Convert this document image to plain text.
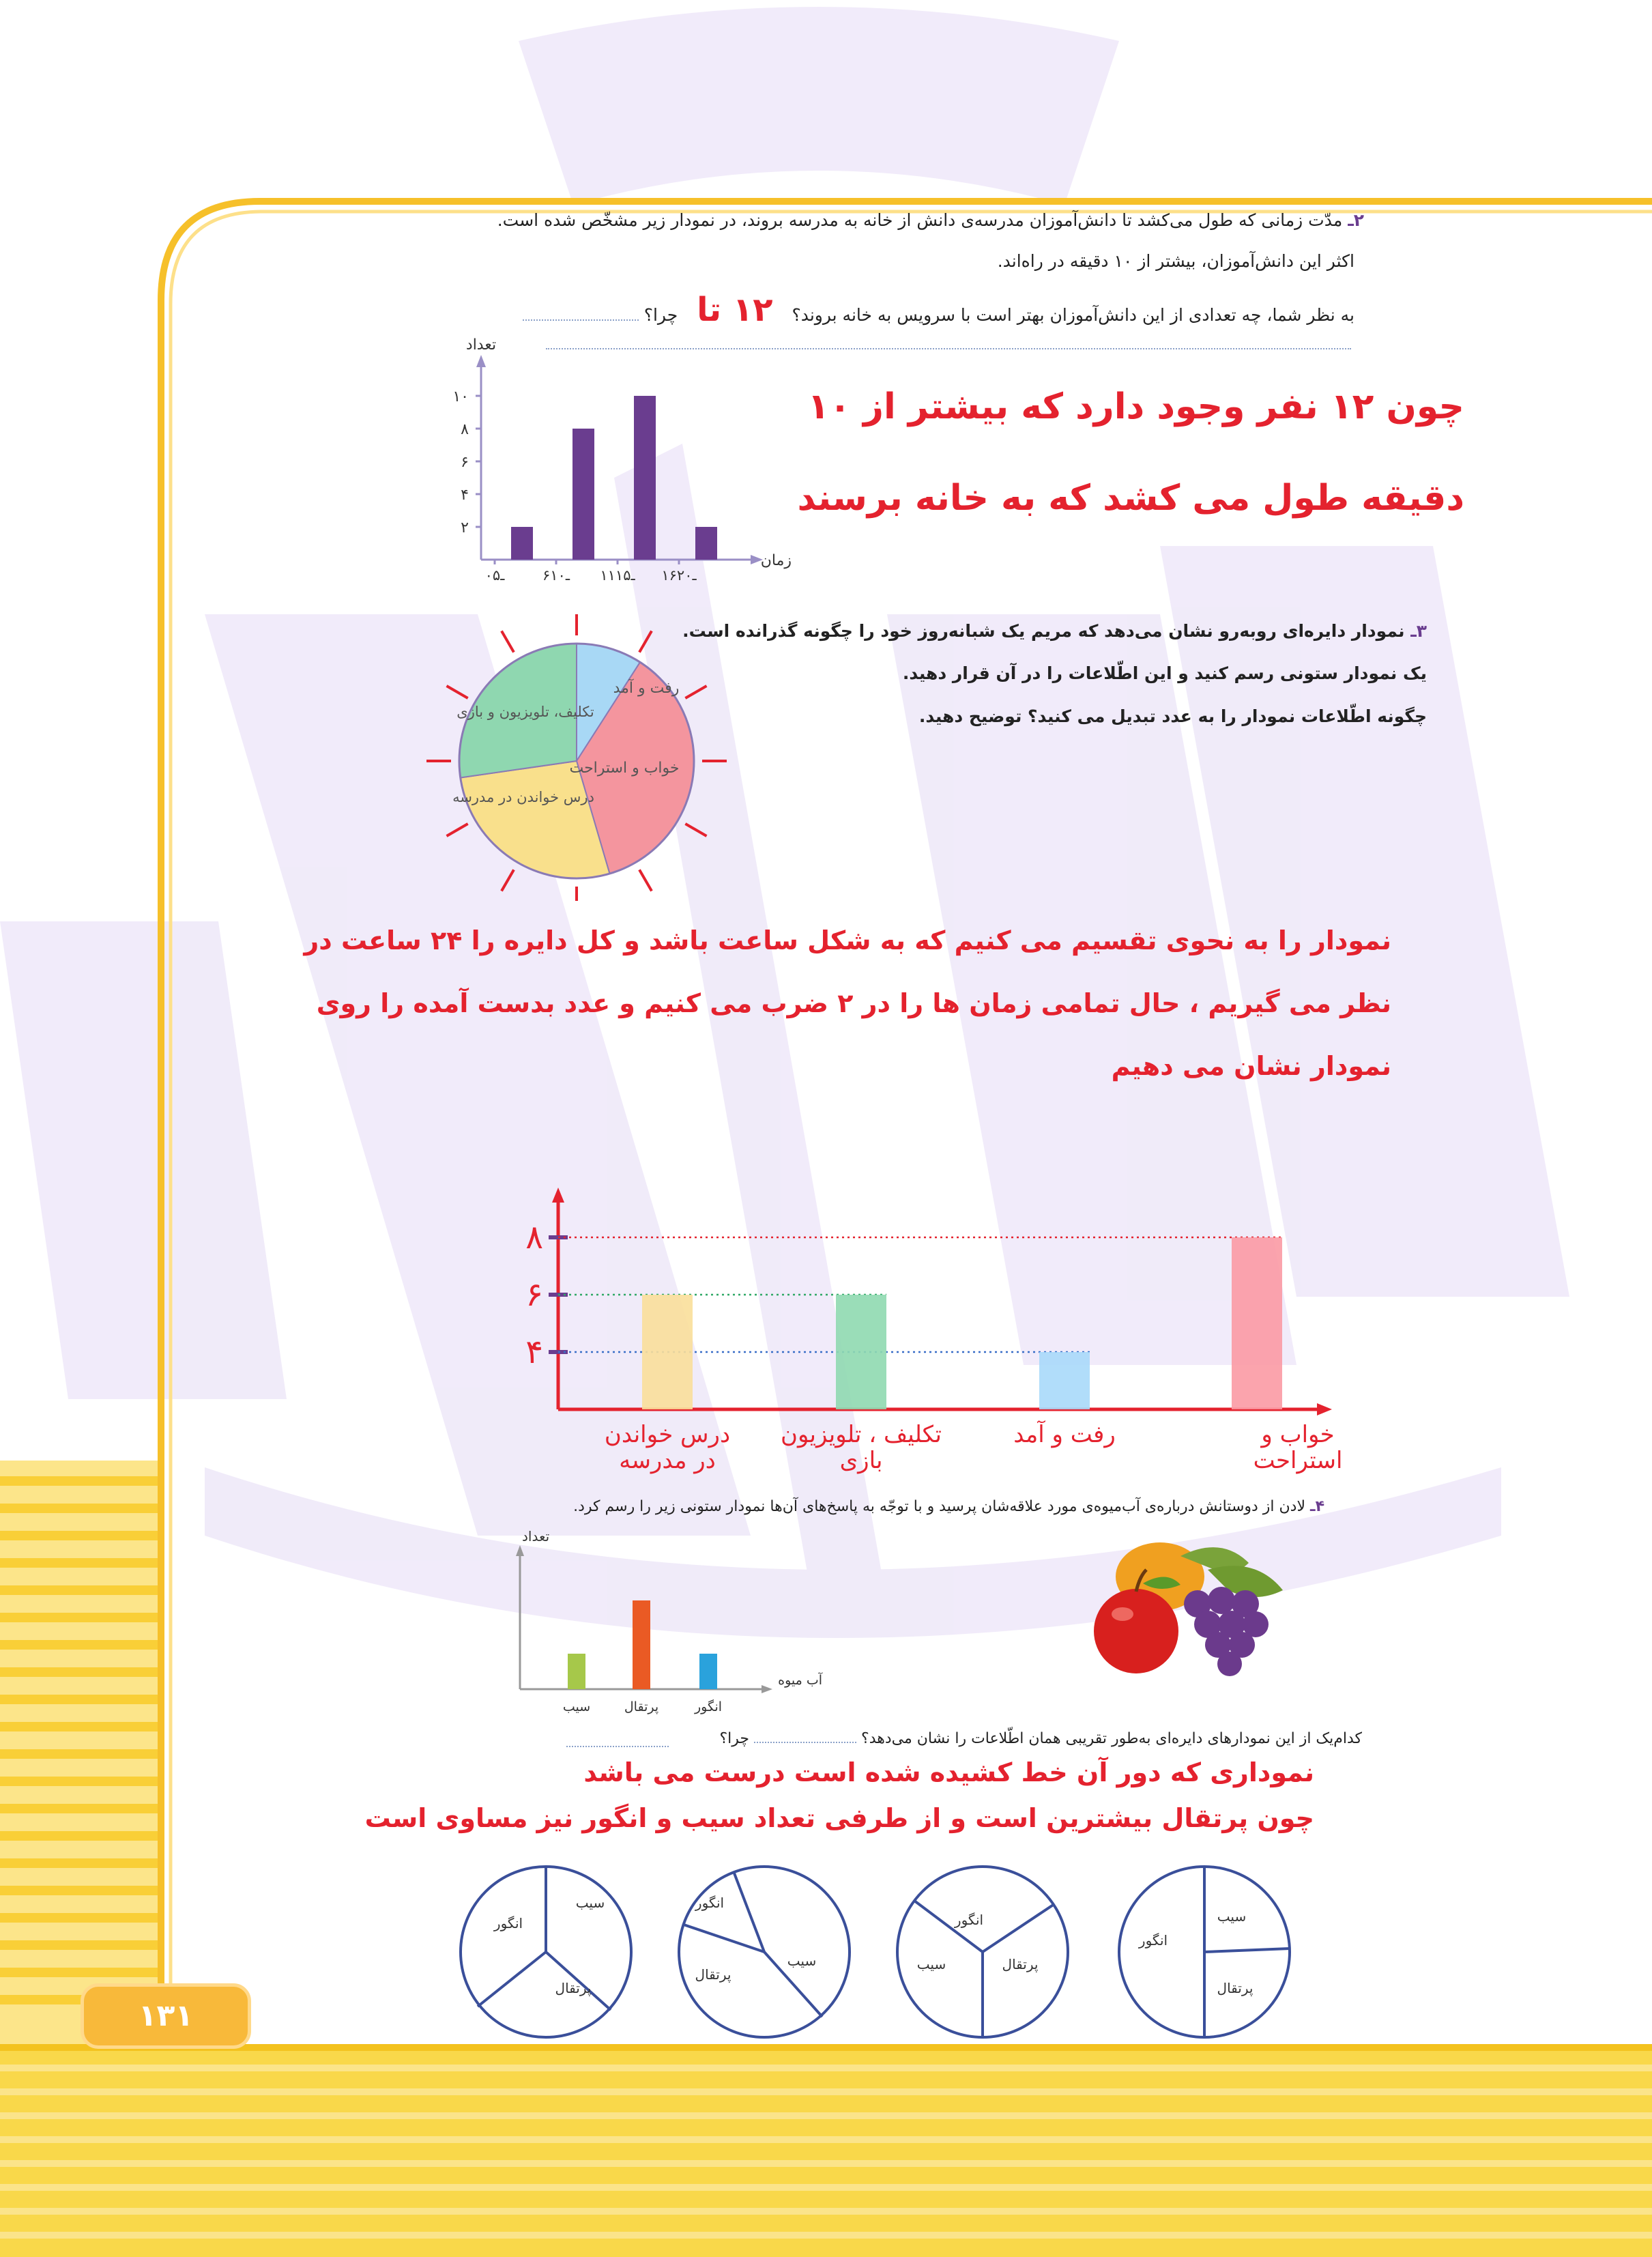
۲ـ مدّت زمانی که طول می‌کشد تا دانش‌آموزان مدرسه‌ی دانش از خانه به مدرسه بروند، در نمودار زیر مشخّص شده است.
اکثر این دانش‌آموزان، بیشتر از ۱۰ دقیقه در راه‌اند.
به نظر شما، چه تعدادی از این دانش‌آموزان بهتر است با سرویس به خانه بروند؟ ۱۲ تا چرا؟
چون ۱۲ نفر وجود دارد که بیشتر از ۱۰
دقیقه طول می کشد که به خانه برسند
تعداد
زمان
۲
۴
۶
۸
۱۰
۰ـ۵	۶ـ۱۰ ۱۱ـ۱۵ ۱۶ـ۲۰
۳ـ نمودار دایره‌ای روبه‌رو نشان می‌دهد که مریم یک شبانه‌روز خود را چگونه گذرانده است.
یک نمودار ستونی رسم کنید و این اطّلاعات را در آن قرار دهید.
چگونه اطّلاعات نمودار را به عدد تبدیل می کنید؟ توضیح دهید.
رفت و آمد
خواب و استراحت
درس خواندن در مدرسه
تکلیف، تلویزیون و بازی
نمودار را به نحوی تقسیم می کنیم که به شکل ساعت باشد و کل دایره را ۲۴ ساعت در
نظر می گیریم ، حال تمامی زمان ها را در ۲ ضرب می کنیم و عدد بدست آمده را روی
نمودار نشان می دهیم
۴
۶
۸
درس خواندن در مدرسه
تکلیف ، تلویزیون بازی
رفت و آمد	خواب و استراحت
۴ـ لادن از دوستانش درباره‌ی آب‌میوه‌ی مورد علاقه‌شان پرسید و با توجّه به پاسخ‌های آن‌ها نمودار ستونی زیر را رسم کرد.
تعداد
آب میوه
سیب	پرتقال	انگور
کدام‌یک از این نمودارهای دایره‌ای به‌طور تقریبی همان اطّلاعات را نشان می‌دهد؟  چرا؟
نموداری که دور آن خط کشیده شده است درست می باشد
چون پرتقال بیشترین است و از طرفی تعداد سیب و انگور نیز مساوی است
سیب
انگور
پرتقال
انگور
سیب	پرتقال
انگور
سیب
پرتقال
سیب
انگور
پرتقال
۱۳۱
